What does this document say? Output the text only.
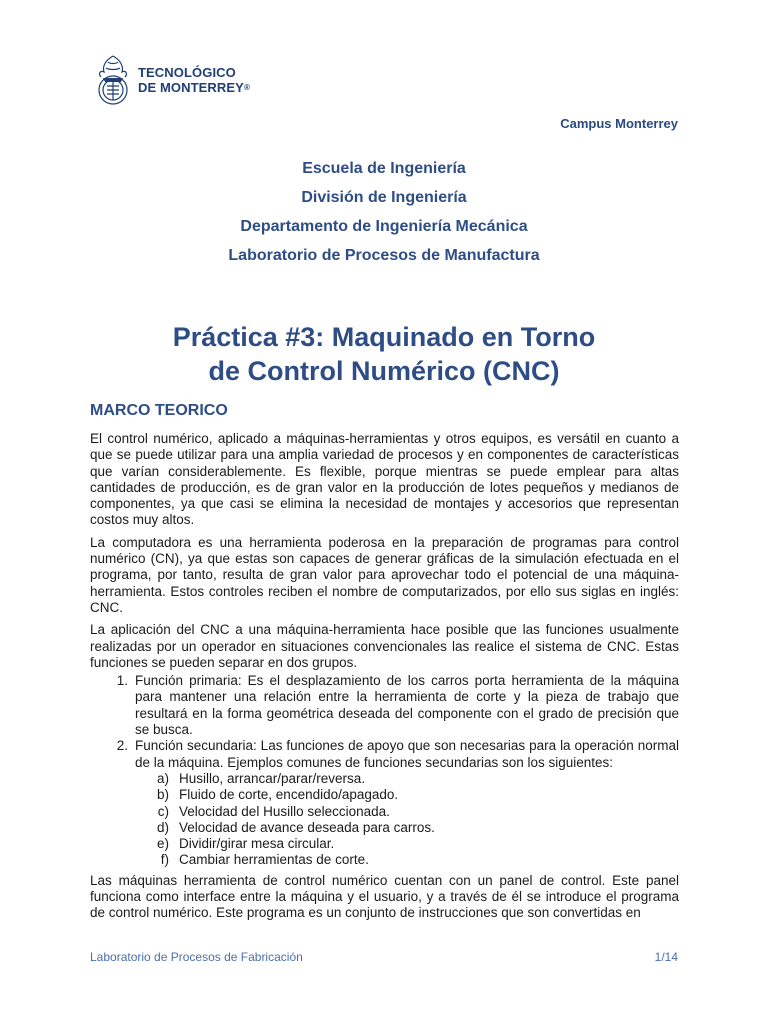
TECNOLÓGICO
DE MONTERREY®
Campus Monterrey
Escuela de Ingeniería
División de Ingeniería
Departamento de Ingeniería Mecánica
Laboratorio de Procesos de Manufactura
Práctica #3: Maquinado en Torno
de Control Numérico (CNC)
MARCO TEORICO

El control numérico, aplicado a máquinas-herramientas y otros equipos, es versátil en cuanto a que se puede utilizar para una amplia variedad de procesos y en componentes de características que varían considerablemente. Es flexible, porque mientras se puede emplear para altas cantidades de producción, es de gran valor en la producción de lotes pequeños y medianos de componentes, ya que casi se elimina la necesidad de montajes y accesorios que representan costos muy altos.

La computadora es una herramienta poderosa en la preparación de programas para control numérico (CN), ya que estas son capaces de generar gráficas de la simulación efectuada en el programa, por tanto, resulta de gran valor para aprovechar todo el potencial de una máquina-herramienta. Estos controles reciben el nombre de computarizados, por ello sus siglas en inglés: CNC.

La aplicación del CNC a una máquina-herramienta hace posible que las funciones usualmente realizadas por un operador en situaciones convencionales las realice el sistema de CNC. Estas funciones se pueden separar en dos grupos.

1. Función primaria: Es el desplazamiento de los carros porta herramienta de la máquina para mantener una relación entre la herramienta de corte y la pieza de trabajo que resultará en la forma geométrica deseada del componente con el grado de precisión que se busca.
2. Función secundaria: Las funciones de apoyo que son necesarias para la operación normal de la máquina. Ejemplos comunes de funciones secundarias son los siguientes:
a) Husillo, arrancar/parar/reversa.
b) Fluido de corte, encendido/apagado.
c) Velocidad del Husillo seleccionada.
d) Velocidad de avance deseada para carros.
e) Dividir/girar mesa circular.
f) Cambiar herramientas de corte.

Las máquinas herramienta de control numérico cuentan con un panel de control. Este panel funciona como interface entre la máquina y el usuario, y a través de él se introduce el programa de control numérico. Este programa es un conjunto de instrucciones que son convertidas en

Laboratorio de Procesos de Fabricación	1/14
